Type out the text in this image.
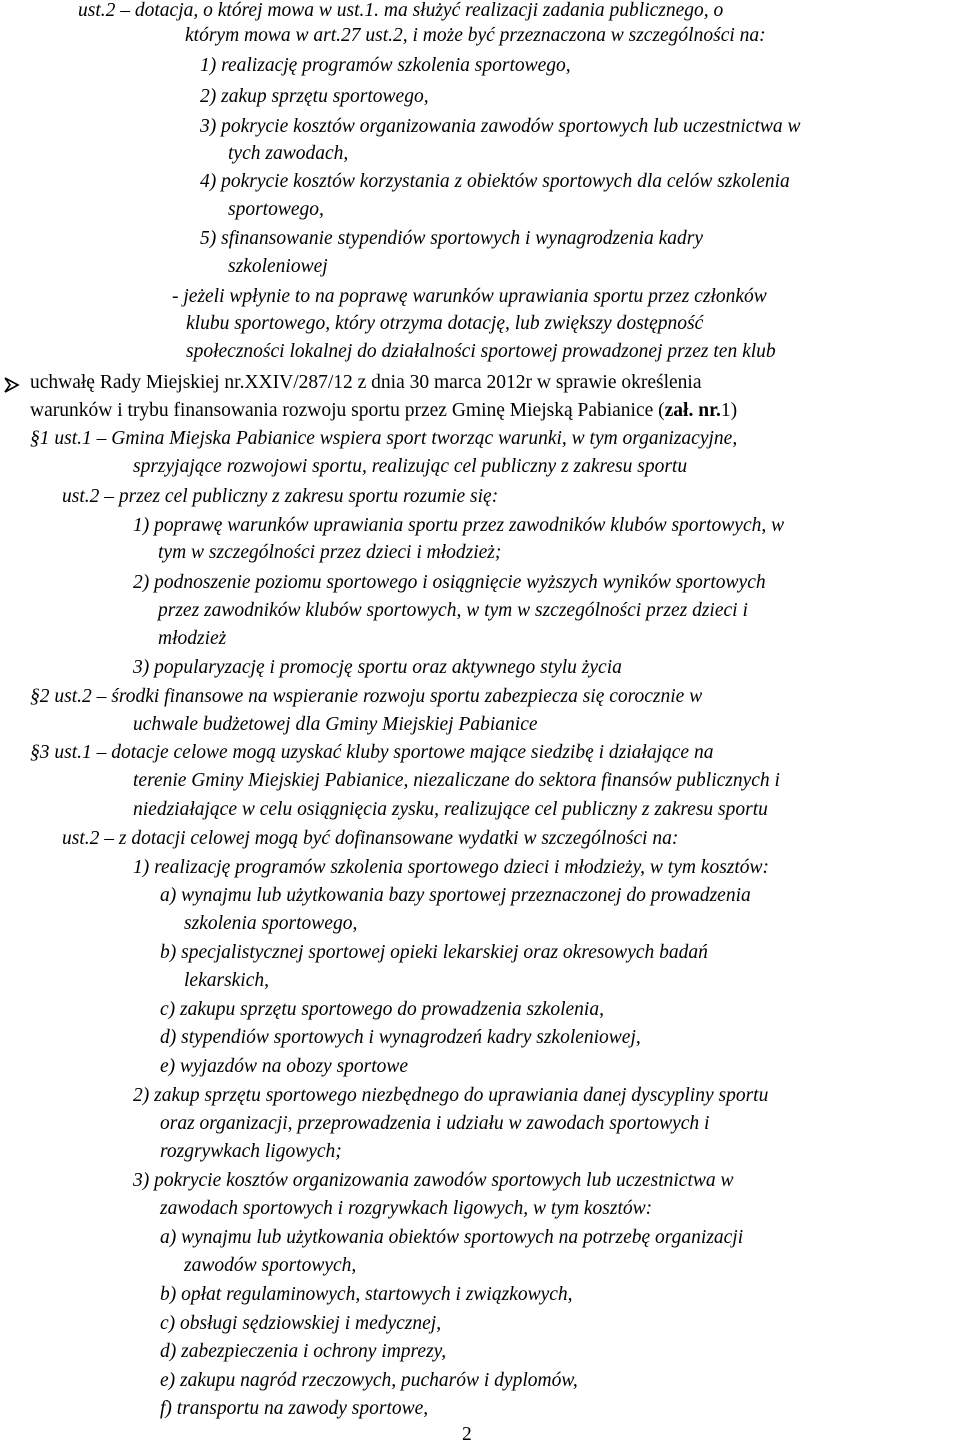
ust.2 – dotacja, o której mowa w ust.1. ma służyć realizacji zadania publicznego, o
którym mowa w art.27 ust.2, i może być przeznaczona w szczególności na:
1) realizację programów szkolenia sportowego,
2) zakup sprzętu sportowego,
3) pokrycie kosztów organizowania zawodów sportowych lub uczestnictwa w
tych zawodach,
4) pokrycie kosztów korzystania z obiektów sportowych dla celów szkolenia
sportowego,
5) sfinansowanie stypendiów sportowych i wynagrodzenia kadry
szkoleniowej
- jeżeli wpłynie to na poprawę warunków uprawiania sportu przez członków
klubu sportowego, który otrzyma dotację, lub zwiększy dostępność
społeczności lokalnej do działalności sportowej prowadzonej przez ten klub
uchwałę Rady Miejskiej nr.XXIV/287/12 z dnia 30 marca 2012r w sprawie określenia
warunków i trybu finansowania rozwoju sportu przez Gminę Miejską Pabianice (zał. nr.1)
§1 ust.1 – Gmina Miejska Pabianice wspiera sport tworząc warunki, w tym organizacyjne,
sprzyjające rozwojowi sportu, realizując cel publiczny z zakresu sportu
ust.2 – przez cel publiczny z zakresu sportu rozumie się:
1) poprawę warunków uprawiania sportu przez zawodników klubów sportowych, w
tym w szczególności przez dzieci i młodzież;
2) podnoszenie poziomu sportowego i osiągnięcie wyższych wyników sportowych
przez zawodników klubów sportowych, w tym w szczególności przez dzieci i
młodzież
3) popularyzację i promocję sportu oraz aktywnego stylu życia
§2 ust.2 – środki finansowe na wspieranie rozwoju sportu zabezpiecza się corocznie w
uchwale budżetowej dla Gminy Miejskiej Pabianice
§3 ust.1 – dotacje celowe mogą uzyskać kluby sportowe mające siedzibę i działające na
terenie Gminy Miejskiej Pabianice, niezaliczane do sektora finansów publicznych i
niedziałające w celu osiągnięcia zysku, realizujące cel publiczny z zakresu sportu
ust.2 – z dotacji celowej mogą być dofinansowane wydatki w szczególności na:
1) realizację programów szkolenia sportowego dzieci i młodzieży, w tym kosztów:
a) wynajmu lub użytkowania bazy sportowej przeznaczonej do prowadzenia
szkolenia sportowego,
b) specjalistycznej sportowej opieki lekarskiej oraz okresowych badań
lekarskich,
c) zakupu sprzętu sportowego do prowadzenia szkolenia,
d) stypendiów sportowych i wynagrodzeń kadry szkoleniowej,
e) wyjazdów na obozy sportowe
2) zakup sprzętu sportowego niezbędnego do uprawiania danej dyscypliny sportu
oraz organizacji, przeprowadzenia i udziału w zawodach sportowych i
rozgrywkach ligowych;
3) pokrycie kosztów organizowania zawodów sportowych lub uczestnictwa w
zawodach sportowych i rozgrywkach ligowych, w tym kosztów:
a) wynajmu lub użytkowania obiektów sportowych na potrzebę organizacji
zawodów sportowych,
b) opłat regulaminowych, startowych i związkowych,
c) obsługi sędziowskiej i medycznej,
d) zabezpieczenia i ochrony imprezy,
e) zakupu nagród rzeczowych, pucharów i dyplomów,
f) transportu na zawody sportowe,
2
